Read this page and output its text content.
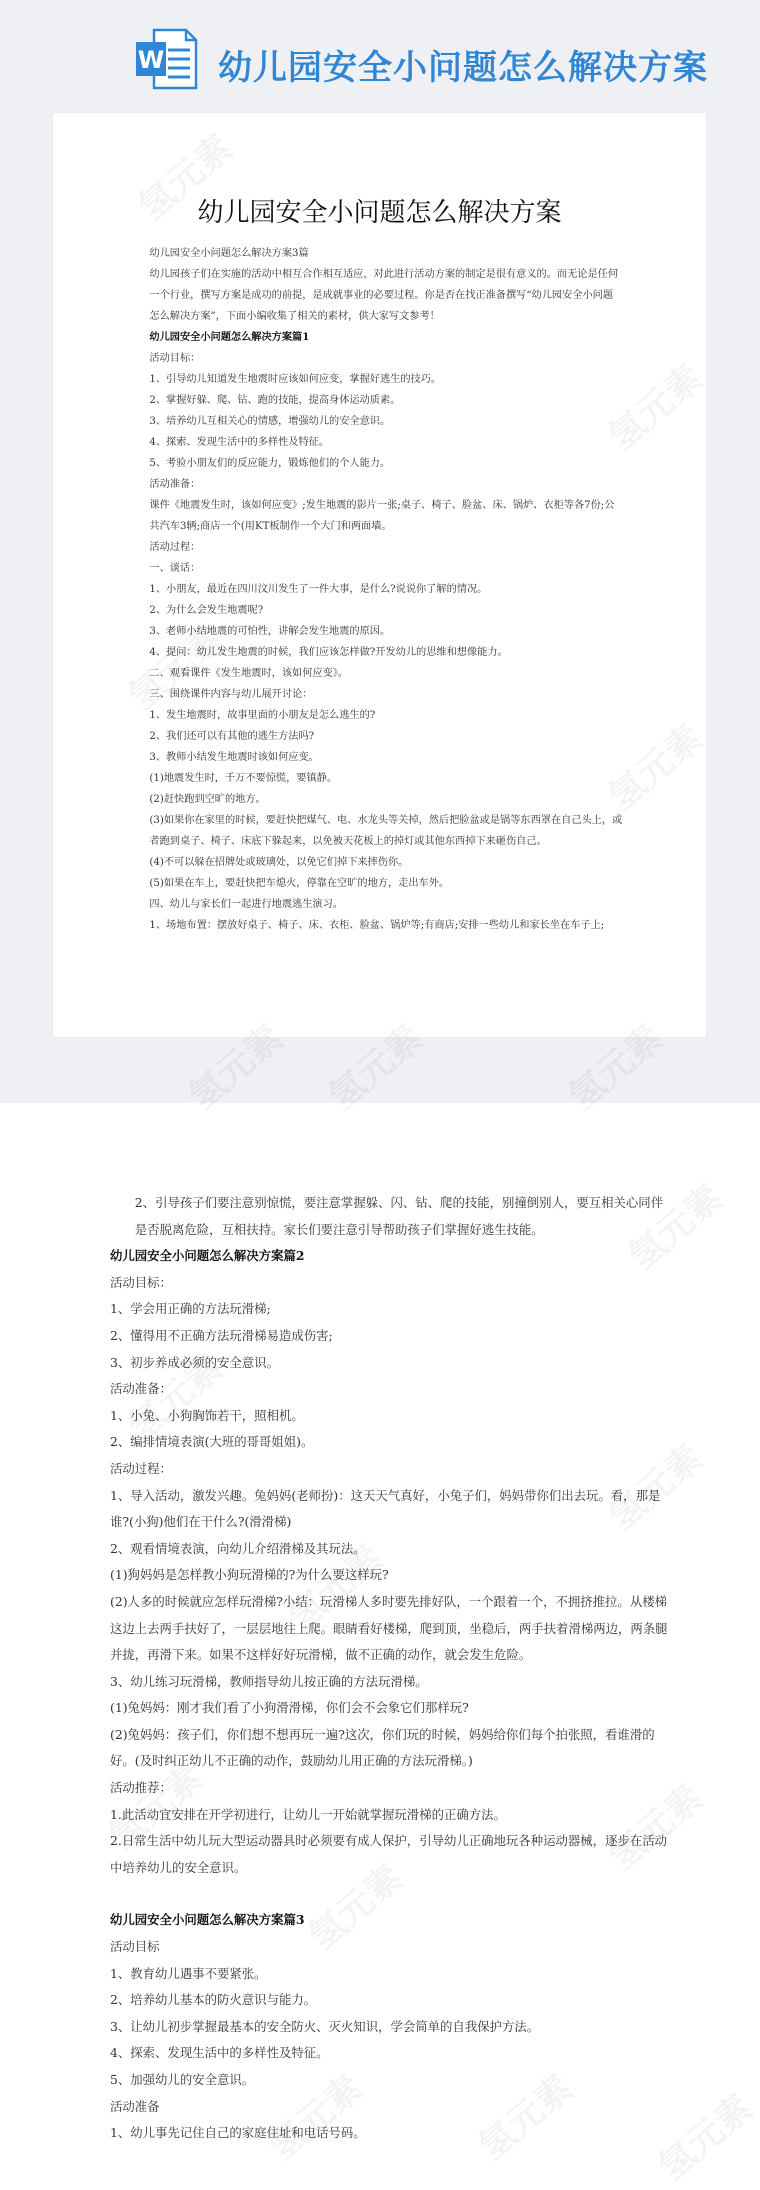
W 幼儿园安全小问题怎么解决方案
幼儿园安全小问题怎么解决方案
幼儿园安全小问题怎么解决方案3篇
幼儿园孩子们在实施的活动中相互合作相互适应，对此进行活动方案的制定是很有意义的。而无论是任何一个行业，撰写方案是成功的前提，是成就事业的必要过程。你是否在找正准备撰写“幼儿园安全小问题怎么解决方案”，下面小编收集了相关的素材，供大家写文参考！
幼儿园安全小问题怎么解决方案篇1
活动目标：
1、引导幼儿知道发生地震时应该如何应变，掌握好逃生的技巧。
2、掌握好躲、爬、钻、跑的技能，提高身体运动质素。
3、培养幼儿互相关心的情感，增强幼儿的安全意识。
4、探索、发现生活中的多样性及特征。
5、考验小朋友们的反应能力，锻炼他们的个人能力。
活动准备：
课件《地震发生时，该如何应变》;发生地震的影片一张;桌子、椅子、脸盆、床、锅炉、衣柜等各7份;公共汽车3辆;商店一个(用KT板制作一个大门和两面墙。
活动过程：
一、谈话：
1、小朋友，最近在四川汶川发生了一件大事，是什么?说说你了解的情况。
2、为什么会发生地震呢?
3、老师小结地震的可怕性，讲解会发生地震的原因。
4、提问：幼儿发生地震的时候，我们应该怎样做?开发幼儿的思维和想像能力。
二、观看课件《发生地震时，该如何应变》。
三、围绕课件内容与幼儿展开讨论：
1、发生地震时，故事里面的小朋友是怎么逃生的?
2、我们还可以有其他的逃生方法吗?
3、教师小结发生地震时该如何应变。
(1)地震发生时，千万不要惊慌，要镇静。
(2)赶快跑到空旷的地方。
(3)如果你在家里的时候，要赶快把煤气、电、水龙头等关掉，然后把脸盆或是锅等东西罩在自己头上，或者跑到桌子、椅子、床底下躲起来，以免被天花板上的掉灯或其他东西掉下来砸伤自己。
(4)不可以躲在招牌处或玻璃处，以免它们掉下来摔伤你。
(5)如果在车上，要赶快把车熄火，停靠在空旷的地方，走出车外。
四、幼儿与家长们一起进行地震逃生演习。
1、场地布置：摆放好桌子、椅子、床、衣柜、脸盆、锅炉等;有商店;安排一些幼儿和家长坐在车子上;
2、引导孩子们要注意别惊慌，要注意掌握躲、闪、钻、爬的技能，别撞倒别人，要互相关心同伴是否脱离危险，互相扶持。家长们要注意引导帮助孩子们掌握好逃生技能。
幼儿园安全小问题怎么解决方案篇2
活动目标：
1、学会用正确的方法玩滑梯;
2、懂得用不正确方法玩滑梯易造成伤害;
3、初步养成必须的安全意识。
活动准备：
1、小兔、小狗胸饰若干，照相机。
2、编排情境表演(大班的哥哥姐姐)。
活动过程：
1、导入活动，激发兴趣。兔妈妈(老师扮)：这天天气真好，小兔子们，妈妈带你们出去玩。看，那是谁?(小狗)他们在干什么?(滑滑梯)
2、观看情境表演，向幼儿介绍滑梯及其玩法。
(1)狗妈妈是怎样教小狗玩滑梯的?为什么要这样玩?
(2)人多的时候就应怎样玩滑梯?小结：玩滑梯人多时要先排好队，一个跟着一个，不拥挤推拉。从楼梯这边上去两手扶好了，一层层地往上爬。眼睛看好楼梯，爬到顶，坐稳后，两手扶着滑梯两边，两条腿并拢，再滑下来。如果不这样好好玩滑梯，做不正确的动作，就会发生危险。
3、幼儿练习玩滑梯，教师指导幼儿按正确的方法玩滑梯。
(1)兔妈妈：刚才我们看了小狗滑滑梯，你们会不会象它们那样玩?
(2)兔妈妈：孩子们，你们想不想再玩一遍?这次，你们玩的时候，妈妈给你们每个拍张照，看谁滑的好。(及时纠正幼儿不正确的动作，鼓励幼儿用正确的方法玩滑梯。)
活动推荐：
1.此活动宜安排在开学初进行，让幼儿一开始就掌握玩滑梯的正确方法。
2.日常生活中幼儿玩大型运动器具时必须要有成人保护，引导幼儿正确地玩各种运动器械，逐步在活动中培养幼儿的安全意识。
幼儿园安全小问题怎么解决方案篇3
活动目标
1、教育幼儿遇事不要紧张。
2、培养幼儿基本的防火意识与能力。
3、让幼儿初步掌握最基本的安全防火、灭火知识，学会简单的自我保护方法。
4、探索、发现生活中的多样性及特征。
5、加强幼儿的安全意识。
活动准备
1、幼儿事先记住自己的家庭住址和电话号码。
